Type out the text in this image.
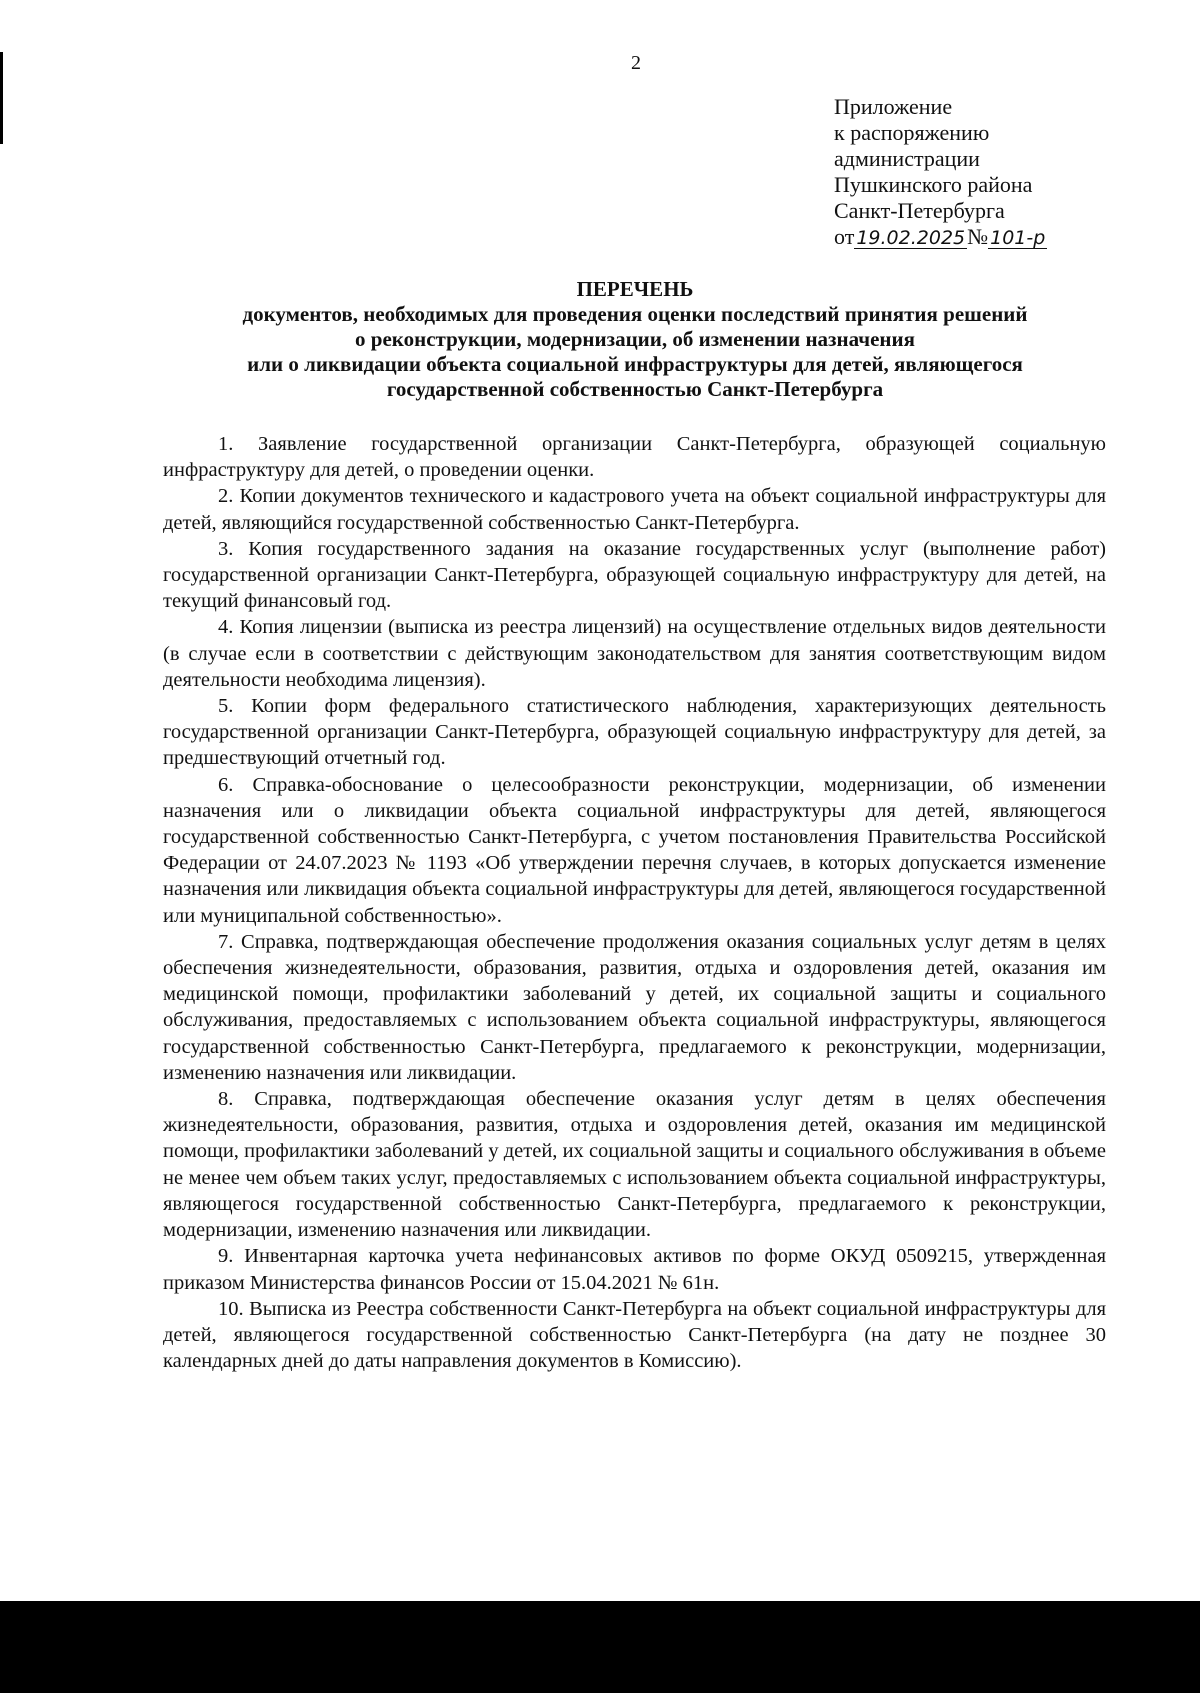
2
Приложение
к распоряжению
администрации
Пушкинского района
Санкт-Петербурга
от 19.02.2025№ 101-р
ПЕРЕЧЕНЬ
документов, необходимых для проведения оценки последствий принятия решений
о реконструкции, модернизации, об изменении назначения
или о ликвидации объекта социальной инфраструктуры для детей, являющегося
государственной собственностью Санкт-Петербурга

1. Заявление государственной организации Санкт-Петербурга, образующей социальную инфраструктуру для детей, о проведении оценки.

2. Копии документов технического и кадастрового учета на объект социальной инфраструктуры для детей, являющийся государственной собственностью Санкт-Петербурга.

3. Копия государственного задания на оказание государственных услуг (выполнение работ) государственной организации Санкт-Петербурга, образующей социальную инфраструктуру для детей, на текущий финансовый год.

4. Копия лицензии (выписка из реестра лицензий) на осуществление отдельных видов деятельности (в случае если в соответствии с действующим законодательством для занятия соответствующим видом деятельности необходима лицензия).

5. Копии форм федерального статистического наблюдения, характеризующих деятельность государственной организации Санкт-Петербурга, образующей социальную инфраструктуру для детей, за предшествующий отчетный год.

6. Справка-обоснование о целесообразности реконструкции, модернизации, об изменении назначения или о ликвидации объекта социальной инфраструктуры для детей, являющегося государственной собственностью Санкт-Петербурга, с учетом постановления Правительства Российской Федерации от 24.07.2023 № 1193 «Об утверждении перечня случаев, в которых допускается изменение назначения или ликвидация объекта социальной инфраструктуры для детей, являющегося государственной или муниципальной собственностью».

7. Справка, подтверждающая обеспечение продолжения оказания социальных услуг детям в целях обеспечения жизнедеятельности, образования, развития, отдыха и оздоровления детей, оказания им медицинской помощи, профилактики заболеваний у детей, их социальной защиты и социального обслуживания, предоставляемых с использованием объекта социальной инфраструктуры, являющегося государственной собственностью Санкт-Петербурга, предлагаемого к реконструкции, модернизации, изменению назначения или ликвидации.

8. Справка, подтверждающая обеспечение оказания услуг детям в целях обеспечения жизнедеятельности, образования, развития, отдыха и оздоровления детей, оказания им медицинской помощи, профилактики заболеваний у детей, их социальной защиты и социального обслуживания в объеме не менее чем объем таких услуг, предоставляемых с использованием объекта социальной инфраструктуры, являющегося государственной собственностью Санкт-Петербурга, предлагаемого к реконструкции, модернизации, изменению назначения или ликвидации.

9. Инвентарная карточка учета нефинансовых активов по форме ОКУД 0509215, утвержденная приказом Министерства финансов России от 15.04.2021 № 61н.

10. Выписка из Реестра собственности Санкт-Петербурга на объект социальной инфраструктуры для детей, являющегося государственной собственностью Санкт-Петербурга (на дату не позднее 30 календарных дней до даты направления документов в Комиссию).
